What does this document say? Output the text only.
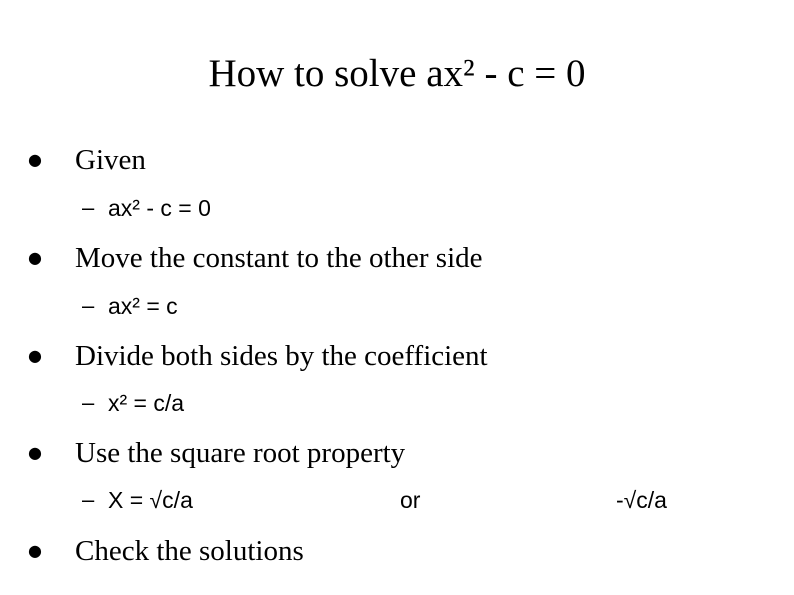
How to solve ax² - c = 0
● Given
– ax² - c = 0
● Move the constant to the other side
– ax² = c
● Divide both sides by the coefficient
– x² = c/a
● Use the square root property
– X = √c/a	or	-√c/a
● Check the solutions
